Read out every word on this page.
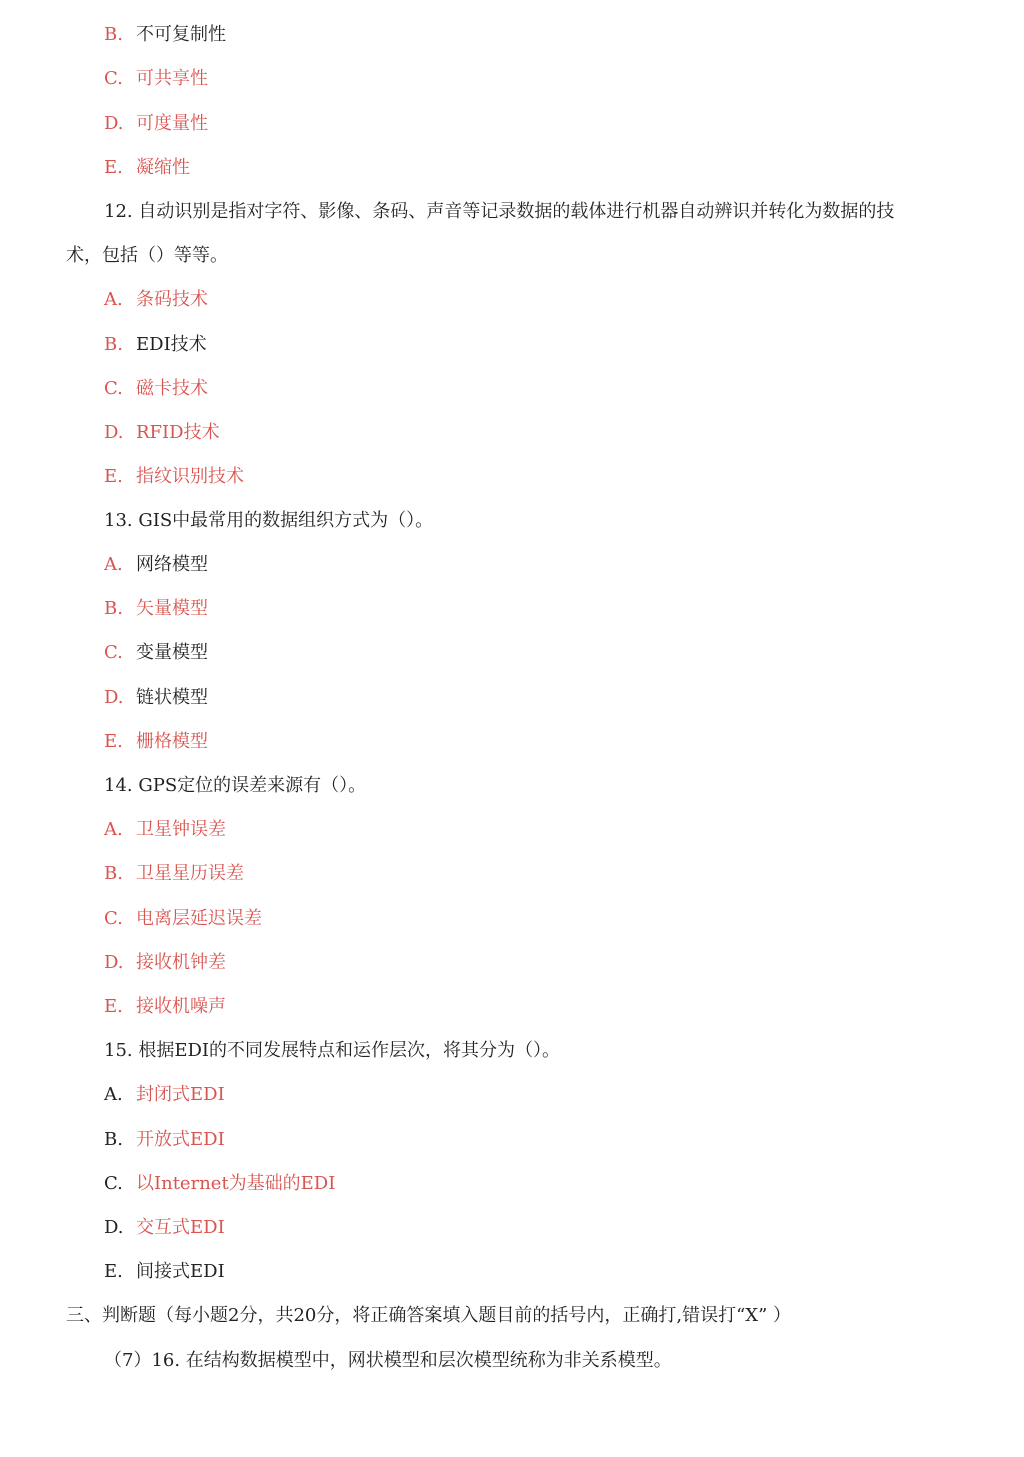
B. 不可复制性
C. 可共享性
D. 可度量性
E. 凝缩性
12. 自动识别是指对字符、影像、条码、声音等记录数据的载体进行机器自动辨识并转化为数据的技
术，包括（）等等。
A. 条码技术
B. EDI技术
C. 磁卡技术
D. RFID技术
E. 指纹识别技术
13. GIS中最常用的数据组织方式为（）。
A. 网络模型
B. 矢量模型
C. 变量模型
D. 链状模型
E. 栅格模型
14. GPS定位的误差来源有（）。
A. 卫星钟误差
B. 卫星星历误差
C. 电离层延迟误差
D. 接收机钟差
E. 接收机噪声
15. 根据EDI的不同发展特点和运作层次，将其分为（）。
A. 封闭式EDI
B. 开放式EDI
C. 以Internet为基础的EDI
D. 交互式EDI
E. 间接式EDI
三、判断题（每小题2分，共20分，将正确答案填入题目前的括号内，正确打,错误打“X” ）
（7）16. 在结构数据模型中，网状模型和层次模型统称为非关系模型。
